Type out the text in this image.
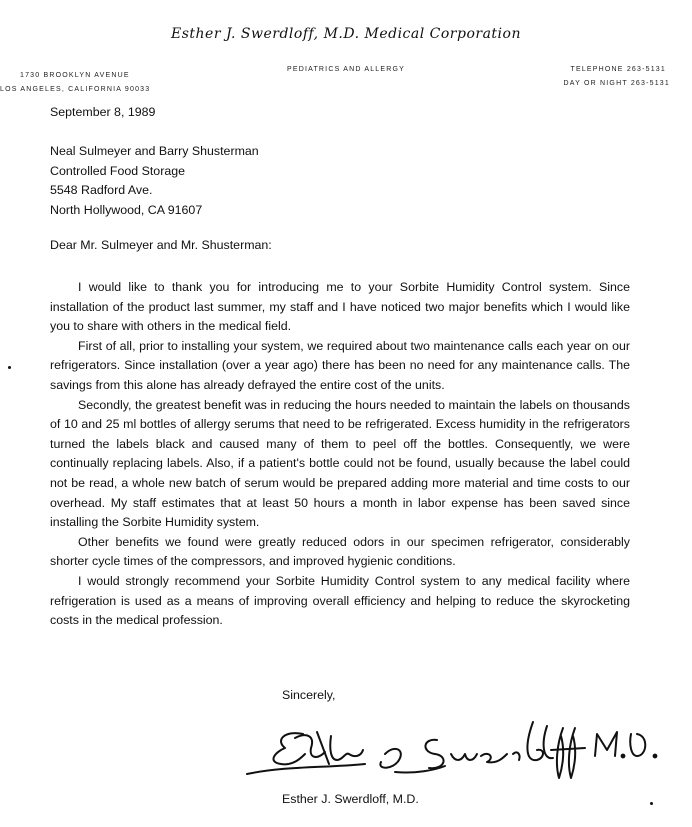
Esther J. Swerdloff, M.D. Medical Corporation
1730 BROOKLYN AVENUE
LOS ANGELES, CALIFORNIA 90033
PEDIATRICS AND ALLERGY	TELEPHONE 263-5131
DAY OR NIGHT 263-5131
September 8, 1989
Neal Sulmeyer and Barry Shusterman
Controlled Food Storage
5548 Radford Ave.
North Hollywood, CA 91607
Dear Mr. Sulmeyer and Mr. Shusterman:

I would like to thank you for introducing me to your Sorbite Humidity Control system. Since installation of the product last summer, my staff and I have noticed two major benefits which I would like you to share with others in the medical field.

First of all, prior to installing your system, we required about two maintenance calls each year on our refrigerators. Since installation (over a year ago) there has been no need for any maintenance calls. The savings from this alone has already defrayed the entire cost of the units.

Secondly, the greatest benefit was in reducing the hours needed to maintain the labels on thousands of 10 and 25 ml bottles of allergy serums that need to be refrigerated. Excess humidity in the refrigerators turned the labels black and caused many of them to peel off the bottles. Consequently, we were continually replacing labels. Also, if a patient's bottle could not be found, usually because the label could not be read, a whole new batch of serum would be prepared adding more material and time costs to our overhead. My staff estimates that at least 50 hours a month in labor expense has been saved since installing the Sorbite Humidity system.

Other benefits we found were greatly reduced odors in our specimen refrigerator, considerably shorter cycle times of the compressors, and improved hygienic conditions.

I would strongly recommend your Sorbite Humidity Control system to any medical facility where refrigeration is used as a means of improving overall efficiency and helping to reduce the skyrocketing costs in the medical profession.

Sincerely,
Esther J. Swerdloff, M.D.
